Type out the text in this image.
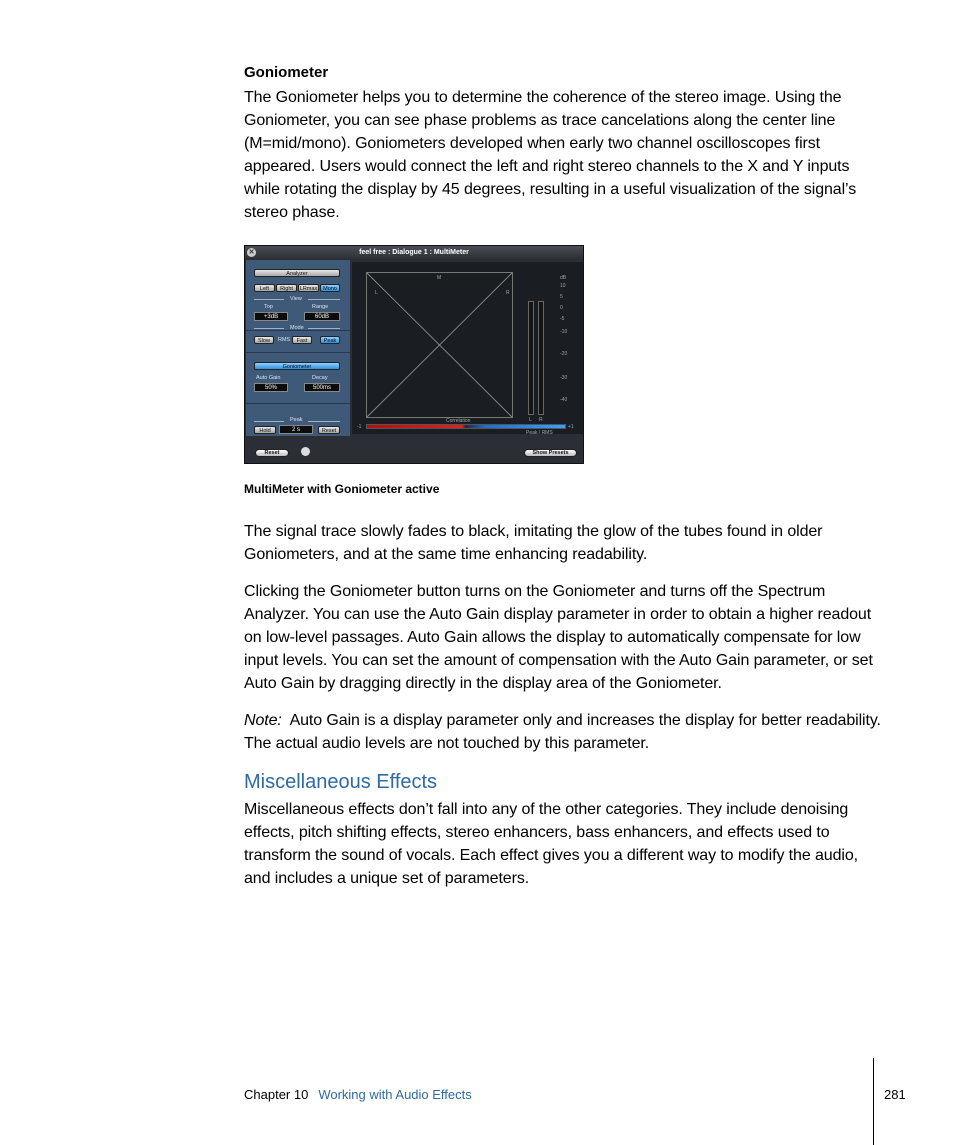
Goniometer

The Goniometer helps you to determine the coherence of the stereo image. Using the Goniometer, you can see phase problems as trace cancelations along the center line (M=mid/mono). Goniometers developed when early two channel oscilloscopes first appeared. Users would connect the left and right stereo channels to the X and Y inputs while rotating the display by 45 degrees, resulting in a useful visualization of the signal’s stereo phase.

✕	feel free : Dialogue 1 : MultiMeter
Analyzer
Left	Right	LRmax	Mono
View
Top	Range
+3dB	60dB
Mode
Slow	RMS	Fast	Peak
Goniometer
Auto Gain	Decay
50%	500ms
Peak
Hold	2 s	Reset
M
L	R
dB
10
5
0
-5
-10
-20
-30
-40
L R
Peak / RMS
Correlation
-1	+1
Reset	Show Presets
MultiMeter with Goniometer active

The signal trace slowly fades to black, imitating the glow of the tubes found in older Goniometers, and at the same time enhancing readability.

Clicking the Goniometer button turns on the Goniometer and turns off the Spectrum Analyzer. You can use the Auto Gain display parameter in order to obtain a higher readout on low-level passages. Auto Gain allows the display to automatically compensate for low input levels. You can set the amount of compensation with the Auto Gain parameter, or set Auto Gain by dragging directly in the display area of the Goniometer.

Note: Auto Gain is a display parameter only and increases the display for better readability. The actual audio levels are not touched by this parameter.

Miscellaneous Effects

Miscellaneous effects don’t fall into any of the other categories. They include denoising effects, pitch shifting effects, stereo enhancers, bass enhancers, and effects used to transform the sound of vocals. Each effect gives you a different way to modify the audio, and includes a unique set of parameters.

Chapter 10 Working with Audio Effects	281
